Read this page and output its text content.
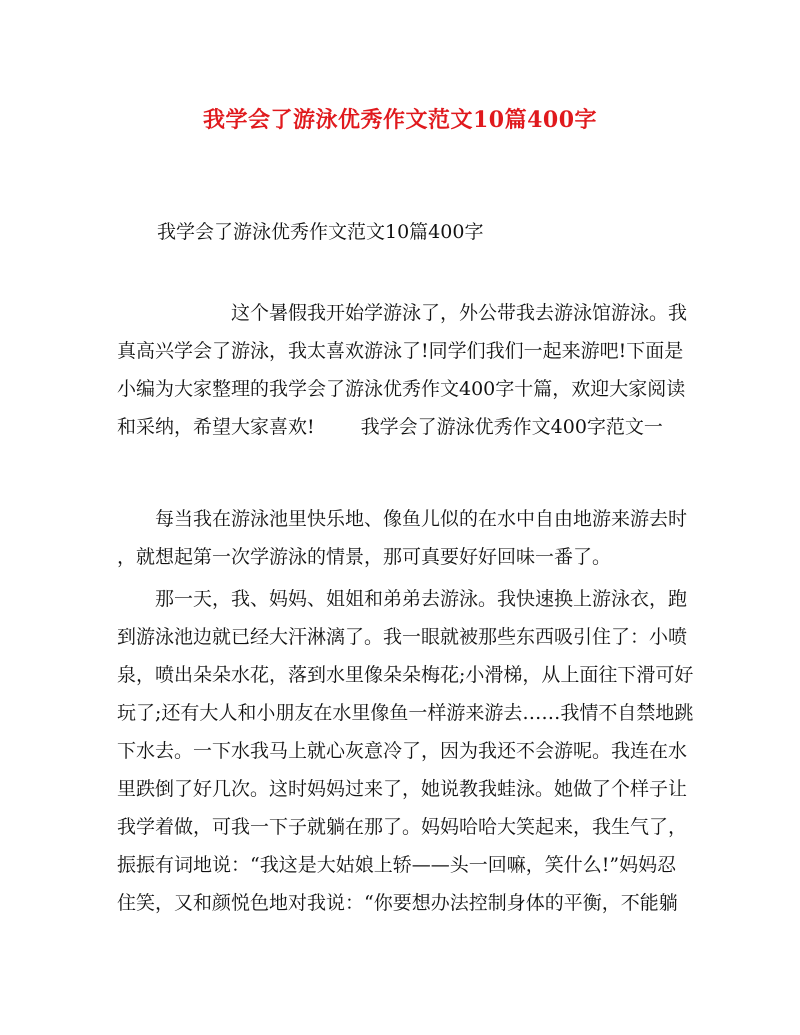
我学会了游泳优秀作文范文10篇400字
我学会了游泳优秀作文范文10篇400字
这个暑假我开始学游泳了，外公带我去游泳馆游泳。我
真高兴学会了游泳，我太喜欢游泳了!同学们我们一起来游吧!下面是
小编为大家整理的我学会了游泳优秀作文400字十篇，欢迎大家阅读
和采纳，希望大家喜欢! 我学会了游泳优秀作文400字范文一
每当我在游泳池里快乐地、像鱼儿似的在水中自由地游来游去时
，就想起第一次学游泳的情景，那可真要好好回味一番了。
那一天，我、妈妈、姐姐和弟弟去游泳。我快速换上游泳衣，跑
到游泳池边就已经大汗淋漓了。我一眼就被那些东西吸引住了：小喷
泉，喷出朵朵水花，落到水里像朵朵梅花;小滑梯，从上面往下滑可好
玩了;还有大人和小朋友在水里像鱼一样游来游去……我情不自禁地跳
下水去。一下水我马上就心灰意冷了，因为我还不会游呢。我连在水
里跌倒了好几次。这时妈妈过来了，她说教我蛙泳。她做了个样子让
我学着做，可我一下子就躺在那了。妈妈哈哈大笑起来，我生气了，
振振有词地说：“我这是大姑娘上轿——头一回嘛，笑什么!”妈妈忍
住笑，又和颜悦色地对我说：“你要想办法控制身体的平衡，不能躺
